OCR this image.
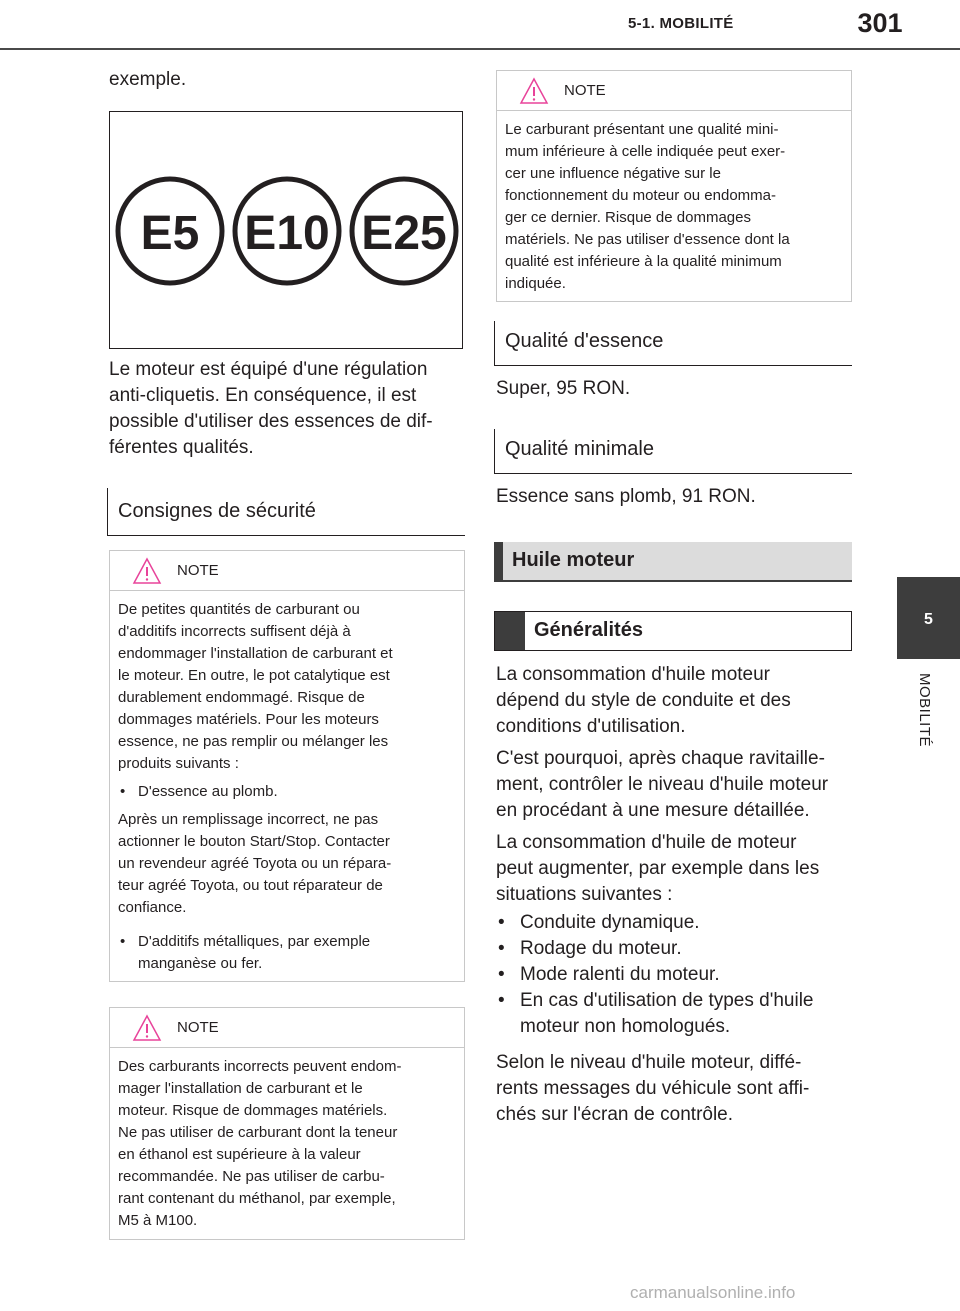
5-1. MOBILITÉ	301
5
MOBILITÉ
exemple.
E5 E10 E25
Le moteur est équipé d'une régulation
anti-cliquetis. En conséquence, il est
possible d'utiliser des essences de dif-
férentes qualités.
Consignes de sécurité
NOTE
De petites quantités de carburant ou
d'additifs incorrects suffisent déjà à
endommager l'installation de carburant et
le moteur. En outre, le pot catalytique est
durablement endommagé. Risque de
dommages matériels. Pour les moteurs
essence, ne pas remplir ou mélanger les
produits suivants :
• D'essence au plomb.
Après un remplissage incorrect, ne pas
actionner le bouton Start/Stop. Contacter
un revendeur agréé Toyota ou un répara-
teur agréé Toyota, ou tout réparateur de
confiance.
• D'additifs métalliques, par exemple
manganèse ou fer.
NOTE
Des carburants incorrects peuvent endom-
mager l'installation de carburant et le
moteur. Risque de dommages matériels.
Ne pas utiliser de carburant dont la teneur
en éthanol est supérieure à la valeur
recommandée. Ne pas utiliser de carbu-
rant contenant du méthanol, par exemple,
M5 à M100.
NOTE
Le carburant présentant une qualité mini-
mum inférieure à celle indiquée peut exer-
cer une influence négative sur le
fonctionnement du moteur ou endomma-
ger ce dernier. Risque de dommages
matériels. Ne pas utiliser d'essence dont la
qualité est inférieure à la qualité minimum
indiquée.
Qualité d'essence
Super, 95 RON.
Qualité minimale
Essence sans plomb, 91 RON.
Huile moteur
Généralités
La consommation d'huile moteur
dépend du style de conduite et des
conditions d'utilisation.
C'est pourquoi, après chaque ravitaille-
ment, contrôler le niveau d'huile moteur
en procédant à une mesure détaillée.
La consommation d'huile de moteur
peut augmenter, par exemple dans les
situations suivantes :
• Conduite dynamique.
• Rodage du moteur.
• Mode ralenti du moteur.
• En cas d'utilisation de types d'huile
moteur non homologués.
Selon le niveau d'huile moteur, diffé-
rents messages du véhicule sont affi-
chés sur l'écran de contrôle.
carmanualsonline.info
